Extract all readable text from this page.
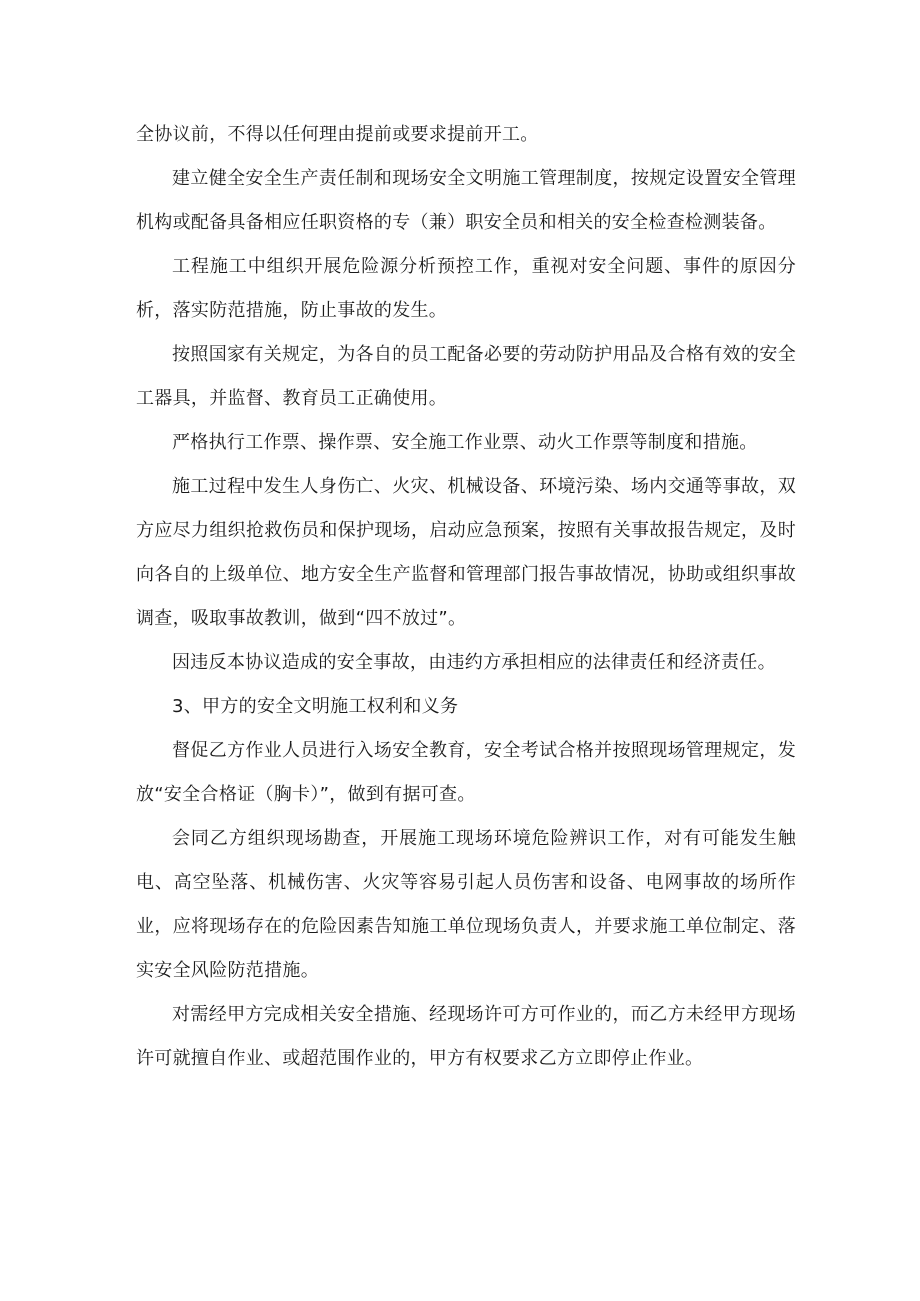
全协议前，不得以任何理由提前或要求提前开工。

建立健全安全生产责任制和现场安全文明施工管理制度，按规定设置安全管理机构或配备具备相应任职资格的专（兼）职安全员和相关的安全检查检测装备。

工程施工中组织开展危险源分析预控工作，重视对安全问题、事件的原因分析，落实防范措施，防止事故的发生。

按照国家有关规定，为各自的员工配备必要的劳动防护用品及合格有效的安全工器具，并监督、教育员工正确使用。

严格执行工作票、操作票、安全施工作业票、动火工作票等制度和措施。

施工过程中发生人身伤亡、火灾、机械设备、环境污染、场内交通等事故，双方应尽力组织抢救伤员和保护现场，启动应急预案，按照有关事故报告规定，及时向各自的上级单位、地方安全生产监督和管理部门报告事故情况，协助或组织事故调查，吸取事故教训，做到“四不放过”。

因违反本协议造成的安全事故，由违约方承担相应的法律责任和经济责任。

3、甲方的安全文明施工权利和义务

督促乙方作业人员进行入场安全教育，安全考试合格并按照现场管理规定，发放“安全合格证（胸卡）”，做到有据可查。

会同乙方组织现场勘查，开展施工现场环境危险辨识工作，对有可能发生触电、高空坠落、机械伤害、火灾等容易引起人员伤害和设备、电网事故的场所作业，应将现场存在的危险因素告知施工单位现场负责人，并要求施工单位制定、落实安全风险防范措施。

对需经甲方完成相关安全措施、经现场许可方可作业的，而乙方未经甲方现场许可就擅自作业、或超范围作业的，甲方有权要求乙方立即停止作业。
